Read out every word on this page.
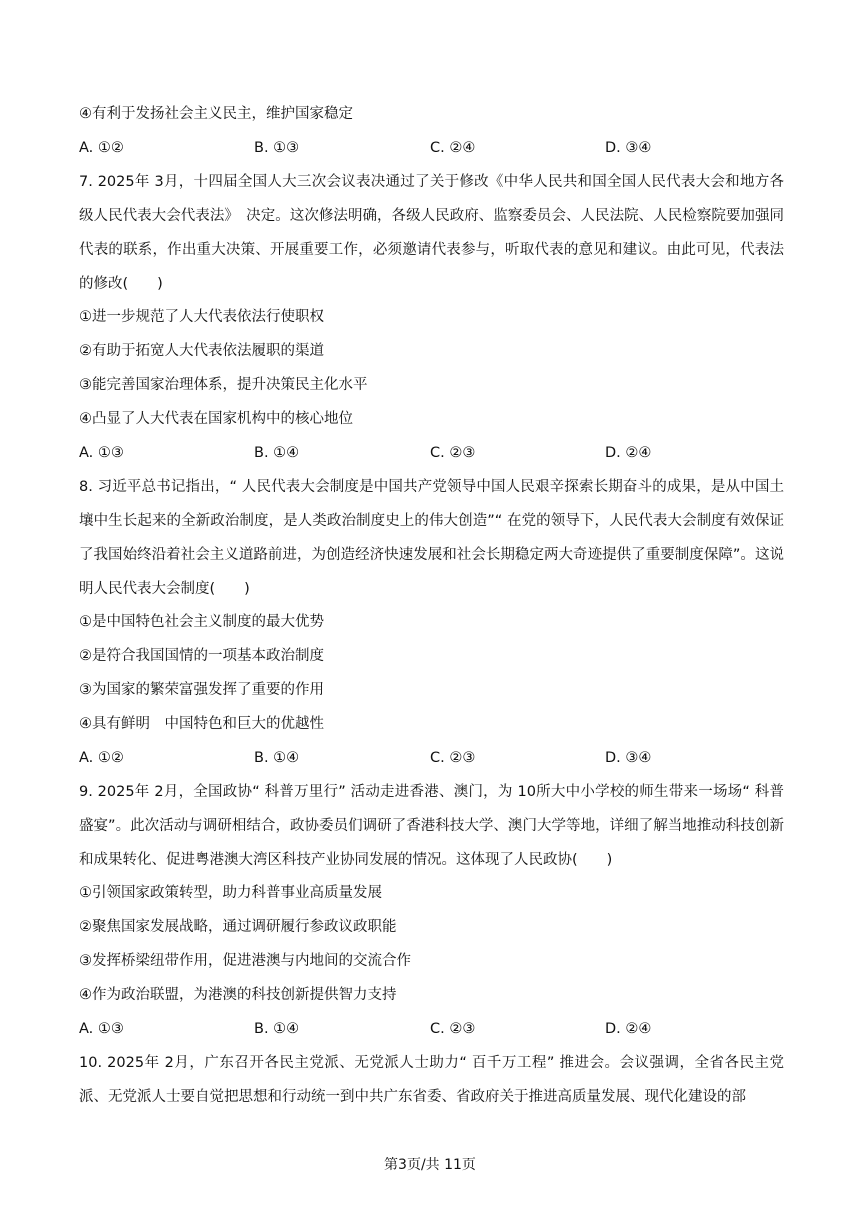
④有利于发扬社会主义民主，维护国家稳定
A. ①②	B. ①③	C. ②④	D. ③④
7. 2025年 3月，十四届全国人大三次会议表决通过了关于修改《中华人民共和国全国人民代表大会和地方各级人民代表大会代表法》　决定。这次修法明确，各级人民政府、监察委员会、人民法院、人民检察院要加强同代表的联系，作出重大决策、开展重要工作，必须邀请代表参与，听取代表的意见和建议。由此可见，代表法的修改(　　)
①进一步规范了人大代表依法行使职权
②有助于拓宽人大代表依法履职的渠道
③能完善国家治理体系，提升决策民主化水平
④凸显了人大代表在国家机构中的核心地位
A. ①③	B. ①④	C. ②③	D. ②④
8. 习近平总书记指出，“ 人民代表大会制度是中国共产党领导中国人民艰辛探索长期奋斗的成果，是从中国土壤中生长起来的全新政治制度，是人类政治制度史上的伟大创造”“ 在党的领导下，人民代表大会制度有效保证了我国始终沿着社会主义道路前进，为创造经济快速发展和社会长期稳定两大奇迹提供了重要制度保障”。这说明人民代表大会制度(　　)
①是中国特色社会主义制度的最大优势
②是符合我国国情的一项基本政治制度
③为国家的繁荣富强发挥了重要的作用
④具有鲜明　中国特色和巨大的优越性
A. ①②	B. ①④	C. ②③	D. ③④
9. 2025年 2月，全国政协“ 科普万里行” 活动走进香港、澳门，为 10所大中小学校的师生带来一场场“ 科普盛宴”。此次活动与调研相结合，政协委员们调研了香港科技大学、澳门大学等地，详细了解当地推动科技创新和成果转化、促进粤港澳大湾区科技产业协同发展的情况。这体现了人民政协(　　)
①引领国家政策转型，助力科普事业高质量发展
②聚焦国家发展战略，通过调研履行参政议政职能
③发挥桥梁纽带作用，促进港澳与内地间的交流合作
④作为政治联盟，为港澳的科技创新提供智力支持
A. ①③	B. ①④	C. ②③	D. ②④
10. 2025年 2月，广东召开各民主党派、无党派人士助力“ 百千万工程” 推进会。会议强调，全省各民主党派、无党派人士要自觉把思想和行动统一到中共广东省委、省政府关于推进高质量发展、现代化建设的部
第3页/共 11页
